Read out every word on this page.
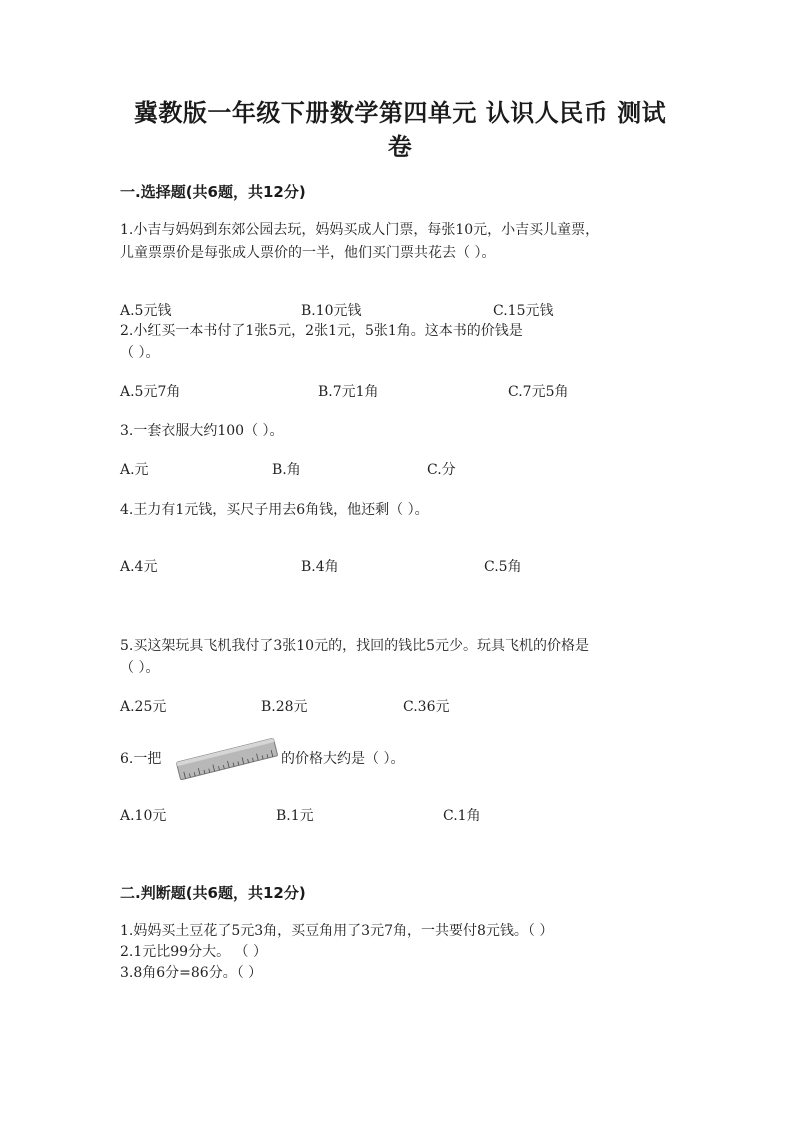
冀教版一年级下册数学第四单元 认识人民币 测试
卷
一.选择题(共6题，共12分)
1.小吉与妈妈到东郊公园去玩，妈妈买成人门票，每张10元，小吉买儿童票，
儿童票票价是每张成人票价的一半，他们买门票共花去（ ）。
A.5元钱	B.10元钱	C.15元钱
2.小红买一本书付了1张5元，2张1元，5张1角。这本书的价钱是
（ ）。
A.5元7角	B.7元1角	C.7元5角
3.一套衣服大约100（ ）。
A.元	B.角	C.分
4.王力有1元钱，买尺子用去6角钱，他还剩（ ）。
A.4元	B.4角	C.5角
5.买这架玩具飞机我付了3张10元的，找回的钱比5元少。玩具飞机的价格是
（ ）。
A.25元	B.28元	C.36元
6.一把	的价格大约是（ ）。
A.10元	B.1元	C.1角
二.判断题(共6题，共12分)
1.妈妈买土豆花了5元3角，买豆角用了3元7角，一共要付8元钱。（ ）
2.1元比99分大。 （ ）
3.8角6分=86分。（ ）
